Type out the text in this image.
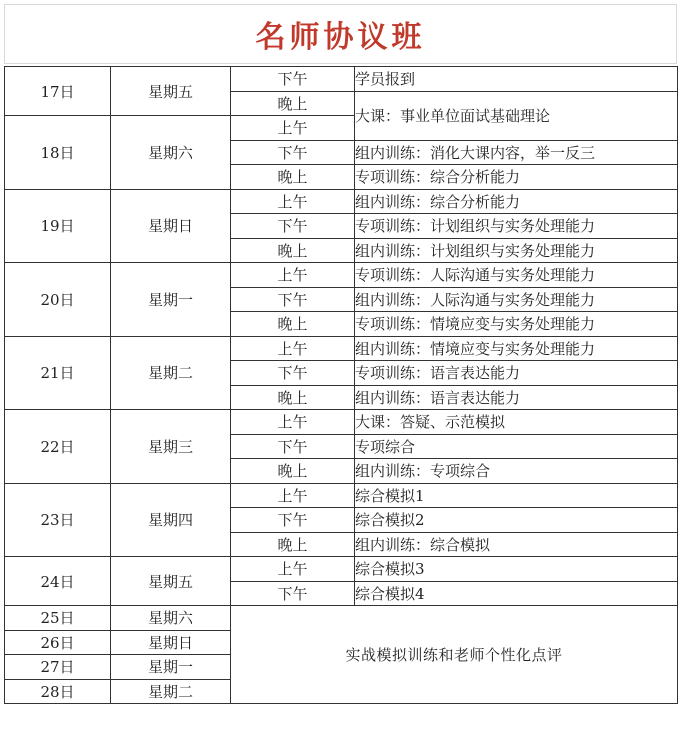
名师协议班
17日	星期五	下午	学员报到
		晚上	大课：事业单位面试基础理论
18日	星期六	上午	
		下午	组内训练：消化大课内容，举一反三
		晚上	专项训练：综合分析能力
19日	星期日	上午	组内训练：综合分析能力
		下午	专项训练：计划组织与实务处理能力
		晚上	组内训练：计划组织与实务处理能力
20日	星期一	上午	专项训练：人际沟通与实务处理能力
		下午	组内训练：人际沟通与实务处理能力
		晚上	专项训练：情境应变与实务处理能力
21日	星期二	上午	组内训练：情境应变与实务处理能力
		下午	专项训练：语言表达能力
		晚上	组内训练：语言表达能力
22日	星期三	上午	大课：答疑、示范模拟
		下午	专项综合
		晚上	组内训练：专项综合
23日	星期四	上午	综合模拟1
		下午	综合模拟2
		晚上	组内训练：综合模拟
24日	星期五	上午	综合模拟3
		下午	综合模拟4
25日	星期六	实战模拟训练和老师个性化点评	
26日	星期日		
27日	星期一		
28日	星期二		
